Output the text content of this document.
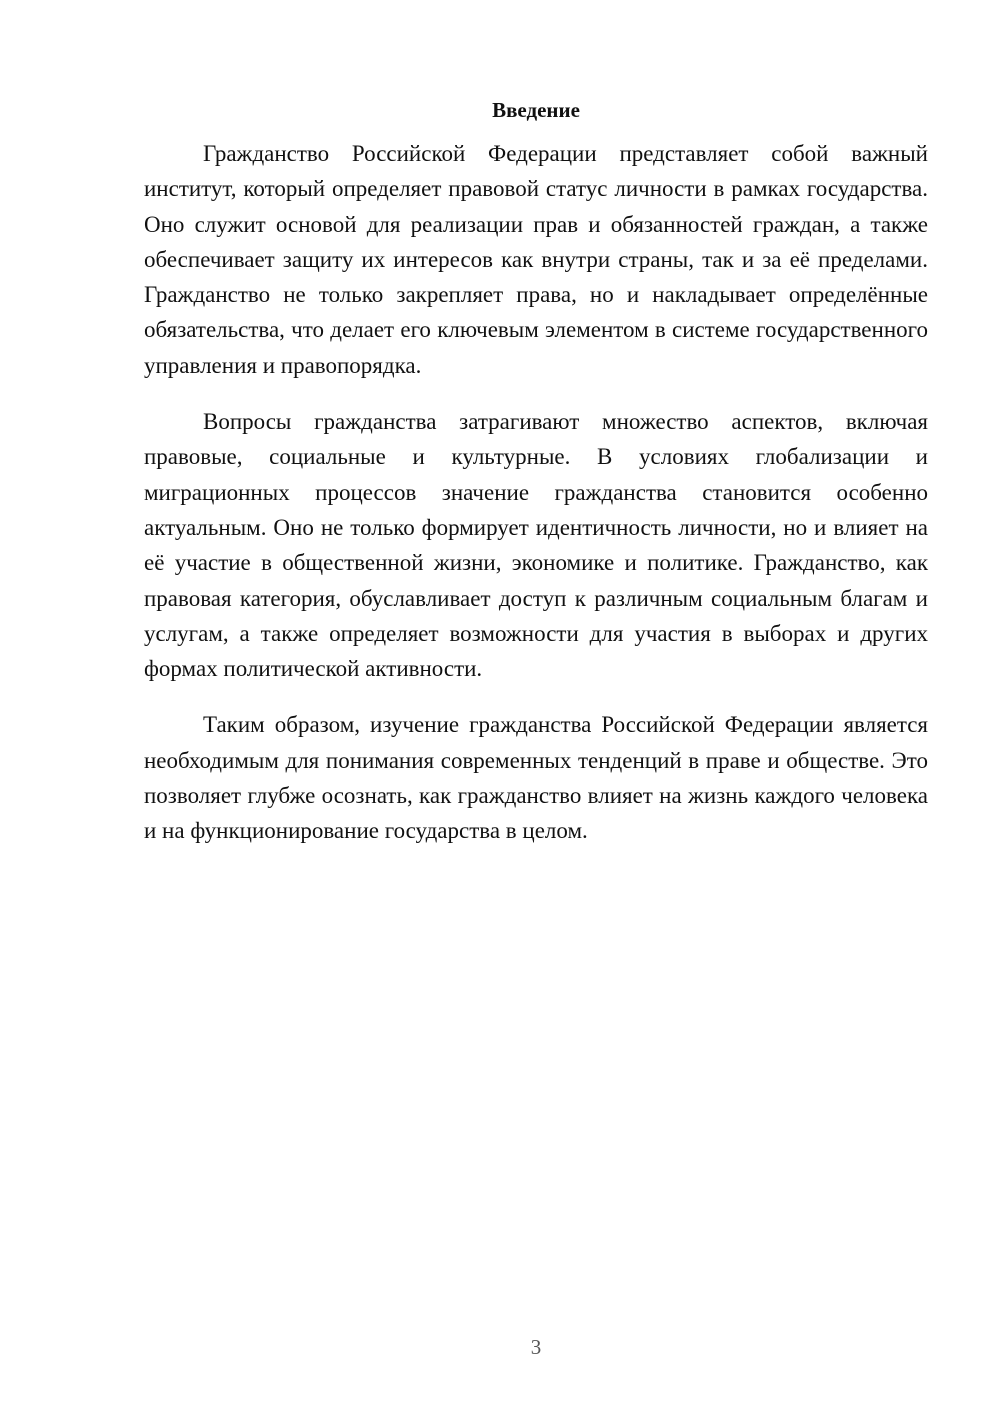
Введение

Гражданство Российской Федерации представляет собой важный институт, который определяет правовой статус личности в рамках государства. Оно служит основой для реализации прав и обязанностей граждан, а также обеспечивает защиту их интересов как внутри страны, так и за её пределами. Гражданство не только закрепляет права, но и накладывает определённые обязательства, что делает его ключевым элементом в системе государственного управления и правопорядка.

Вопросы гражданства затрагивают множество аспектов, включая правовые, социальные и культурные. В условиях глобализации и миграционных процессов значение гражданства становится особенно актуальным. Оно не только формирует идентичность личности, но и влияет на её участие в общественной жизни, экономике и политике. Гражданство, как правовая категория, обуславливает доступ к различным социальным благам и услугам, а также определяет возможности для участия в выборах и других формах политической активности.

Таким образом, изучение гражданства Российской Федерации является необходимым для понимания современных тенденций в праве и обществе. Это позволяет глубже осознать, как гражданство влияет на жизнь каждого человека и на функционирование государства в целом.

3
